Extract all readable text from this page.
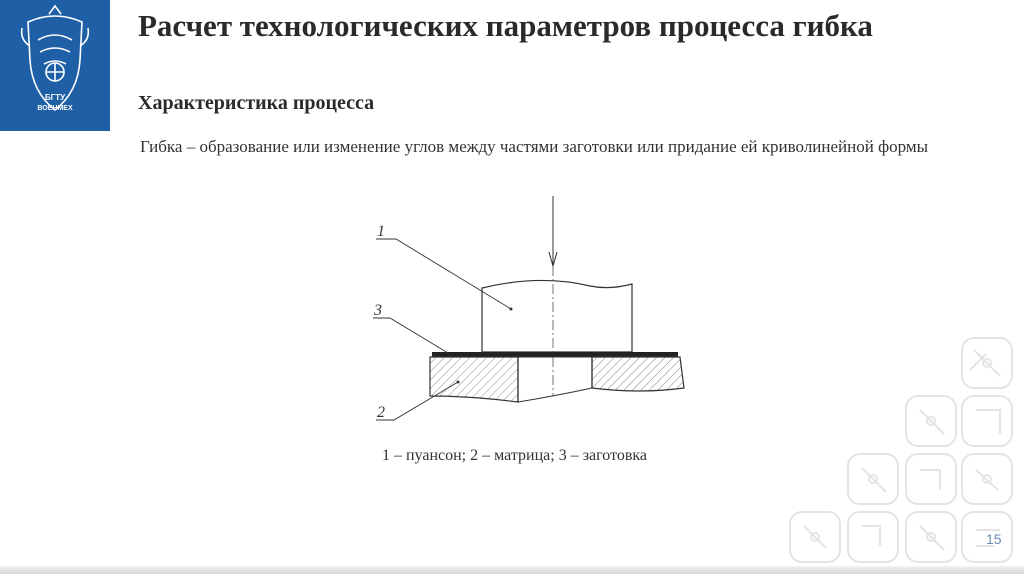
БГТУ
ВОЕНМЕХ
Расчет технологических параметров процесса гибка
Характеристика процесса

Гибка – образование или изменение углов между частями заготовки или придание ей криволинейной формы

1
3
2
1 – пуансон; 2 – матрица; 3 – заготовка
15
